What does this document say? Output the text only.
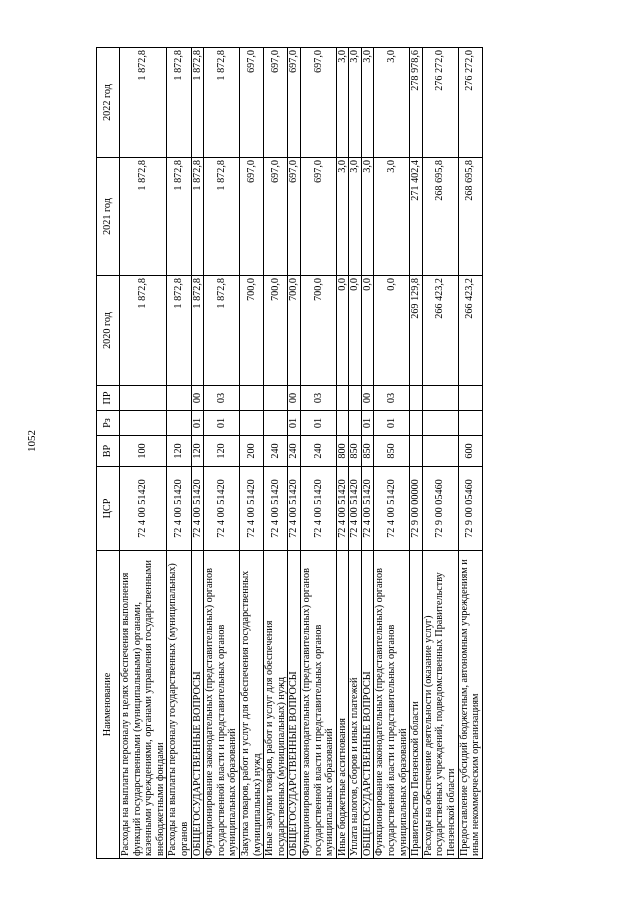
1052
Наименование	ЦСР	ВР	Рз	ПР	2020 год	2021 год	2022 год
Расходы на выплаты персоналу в целях обеспечения выполнения функций государственными (муниципальными) органами, казенными учреждениями, органами управления государственными внебюджетными фондами	72 4 00 51420	100			1 872,8	1 872,8	1 872,8
Расходы на выплаты персоналу государственных (муниципальных) органов	72 4 00 51420	120			1 872,8	1 872,8	1 872,8
ОБЩЕГОСУДАРСТВЕННЫЕ ВОПРОСЫ	72 4 00 51420	120	01	00	1 872,8	1 872,8	1 872,8
Функционирование законодательных (представительных) органов государственной власти и представительных органов муниципальных образований	72 4 00 51420	120	01	03	1 872,8	1 872,8	1 872,8
Закупка товаров, работ и услуг для обеспечения государственных (муниципальных) нужд	72 4 00 51420	200			700,0	697,0	697,0
Иные закупки товаров, работ и услуг для обеспечения государственных (муниципальных) нужд	72 4 00 51420	240			700,0	697,0	697,0
ОБЩЕГОСУДАРСТВЕННЫЕ ВОПРОСЫ	72 4 00 51420	240	01	00	700,0	697,0	697,0
Функционирование законодательных (представительных) органов государственной власти и представительных органов муниципальных образований	72 4 00 51420	240	01	03	700,0	697,0	697,0
Иные бюджетные ассигнования	72 4 00 51420	800			0,0	3,0	3,0
Уплата налогов, сборов и иных платежей	72 4 00 51420	850			0,0	3,0	3,0
ОБЩЕГОСУДАРСТВЕННЫЕ ВОПРОСЫ	72 4 00 51420	850	01	00	0,0	3,0	3,0
Функционирование законодательных (представительных) органов государственной власти и представительных органов муниципальных образований	72 4 00 51420	850	01	03	0,0	3,0	3,0
Правительство Пензенской области	72 9 00 00000				269 129,8	271 402,4	278 978,6
Расходы на обеспечение деятельности (оказание услуг) государственных учреждений, подведомственных Правительству Пензенской области	72 9 00 05460				266 423,2	268 695,8	276 272,0
Предоставление субсидий бюджетным, автономным учреждениям и иным некоммерческим организациям	72 9 00 05460	600			266 423,2	268 695,8	276 272,0
